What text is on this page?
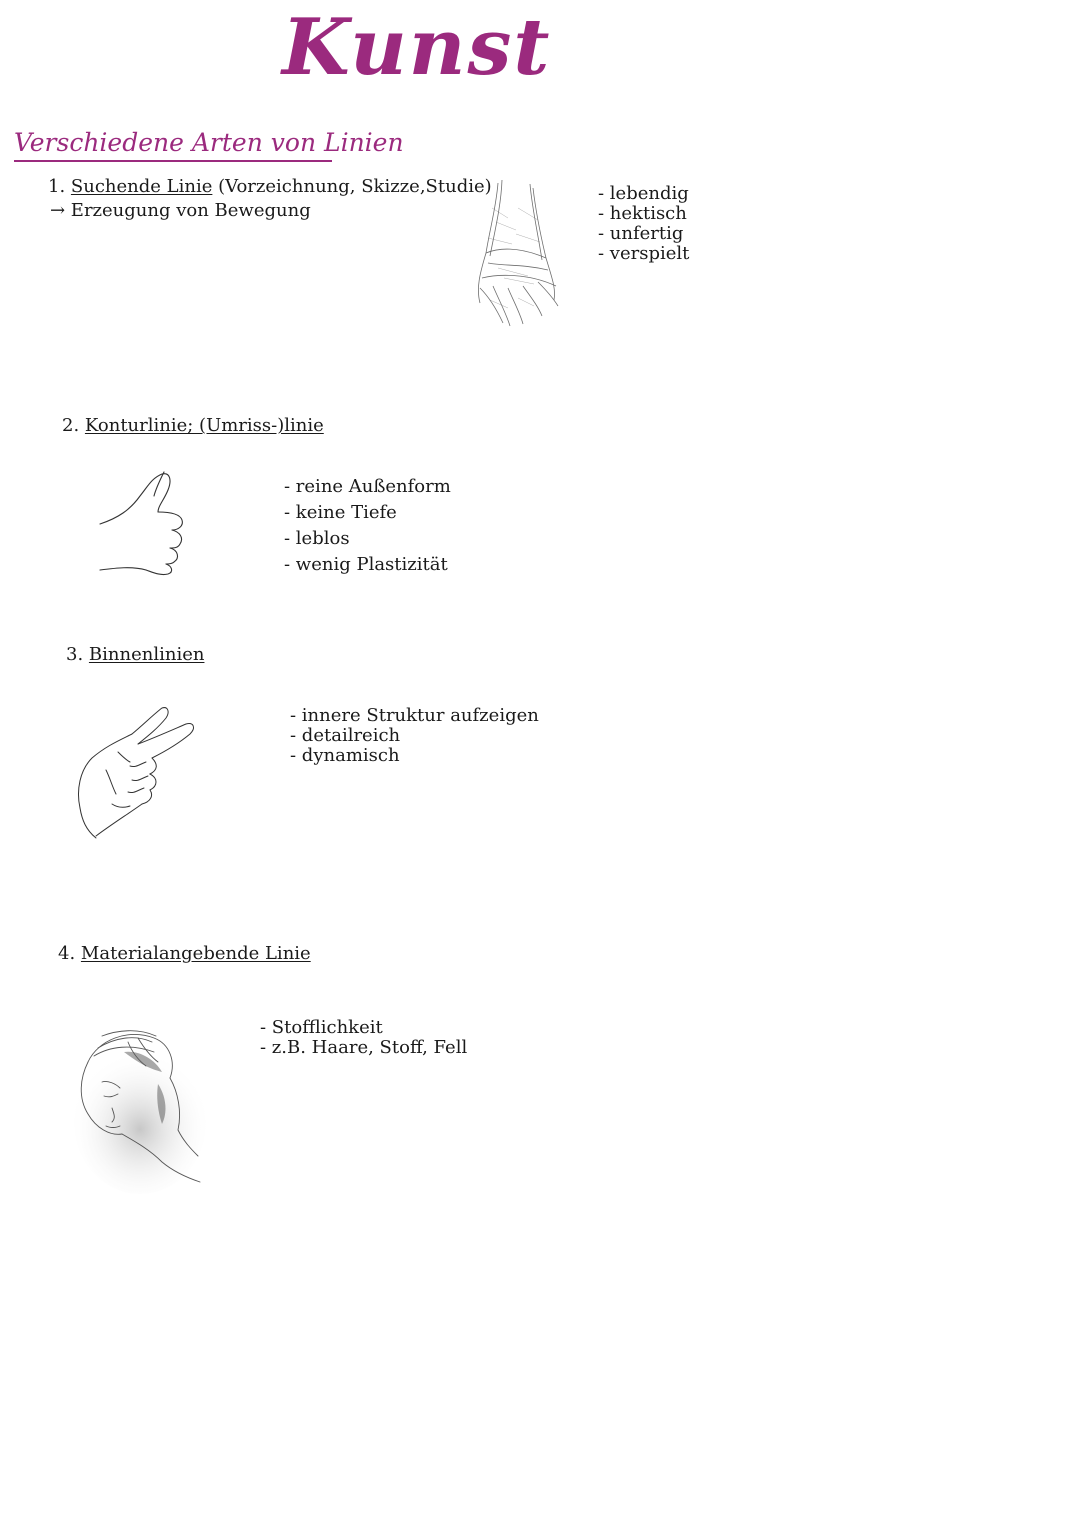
Kunst
Verschiedene Arten von Linien
1. Suchende Linie (Vorzeichnung, Skizze,Studie)
→ Erzeugung von Bewegung
- lebendig
- hektisch
- unfertig
- verspielt
2. Konturlinie; (Umriss-)linie
- reine Außenform
- keine Tiefe
- leblos
- wenig Plastizität
3. Binnenlinien
- innere Struktur aufzeigen
- detailreich
- dynamisch
4. Materialangebende Linie
- Stofflichkeit
- z.B. Haare, Stoff, Fell
